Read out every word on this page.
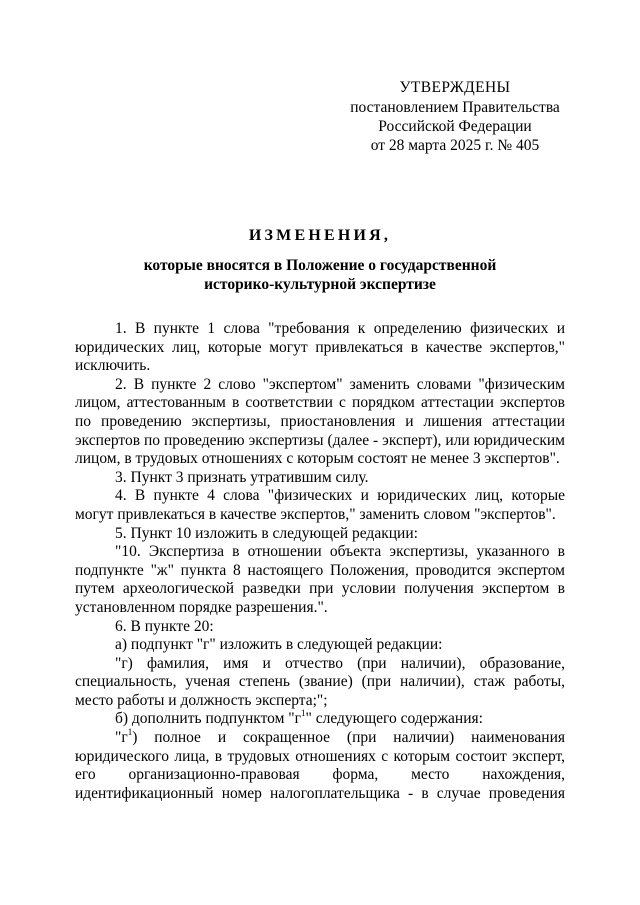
УТВЕРЖДЕНЫ
постановлением Правительства
Российской Федерации
от 28 марта 2025 г. № 405
ИЗМЕНЕНИЯ,
которые вносятся в Положение о государственной
историко-культурной экспертизе

1. В пункте 1 слова "требования к определению физических и юридических лиц, которые могут привлекаться в качестве экспертов," исключить.

2. В пункте 2 слово "экспертом" заменить словами "физическим лицом, аттестованным в соответствии с порядком аттестации экспертов по проведению экспертизы, приостановления и лишения аттестации экспертов по проведению экспертизы (далее - эксперт), или юридическим лицом, в трудовых отношениях с которым состоят не менее 3 экспертов".

3. Пункт 3 признать утратившим силу.

4. В пункте 4 слова "физических и юридических лиц, которые могут привлекаться в качестве экспертов," заменить словом "экспертов".

5. Пункт 10 изложить в следующей редакции:

"10. Экспертиза в отношении объекта экспертизы, указанного в подпункте "ж" пункта 8 настоящего Положения, проводится экспертом путем археологической разведки при условии получения экспертом в установленном порядке разрешения.".

6. В пункте 20:

а) подпункт "г" изложить в следующей редакции:

"г) фамилия, имя и отчество (при наличии), образование, специальность, ученая степень (звание) (при наличии), стаж работы, место работы и должность эксперта;";

б) дополнить подпунктом "$г^1$" следующего содержания:

"$г^1$) полное и сокращенное (при наличии) наименования юридического лица, в трудовых отношениях с которым состоит эксперт, его организационно-правовая форма, место нахождения, идентификационный номер налогоплательщика - в случае проведения
